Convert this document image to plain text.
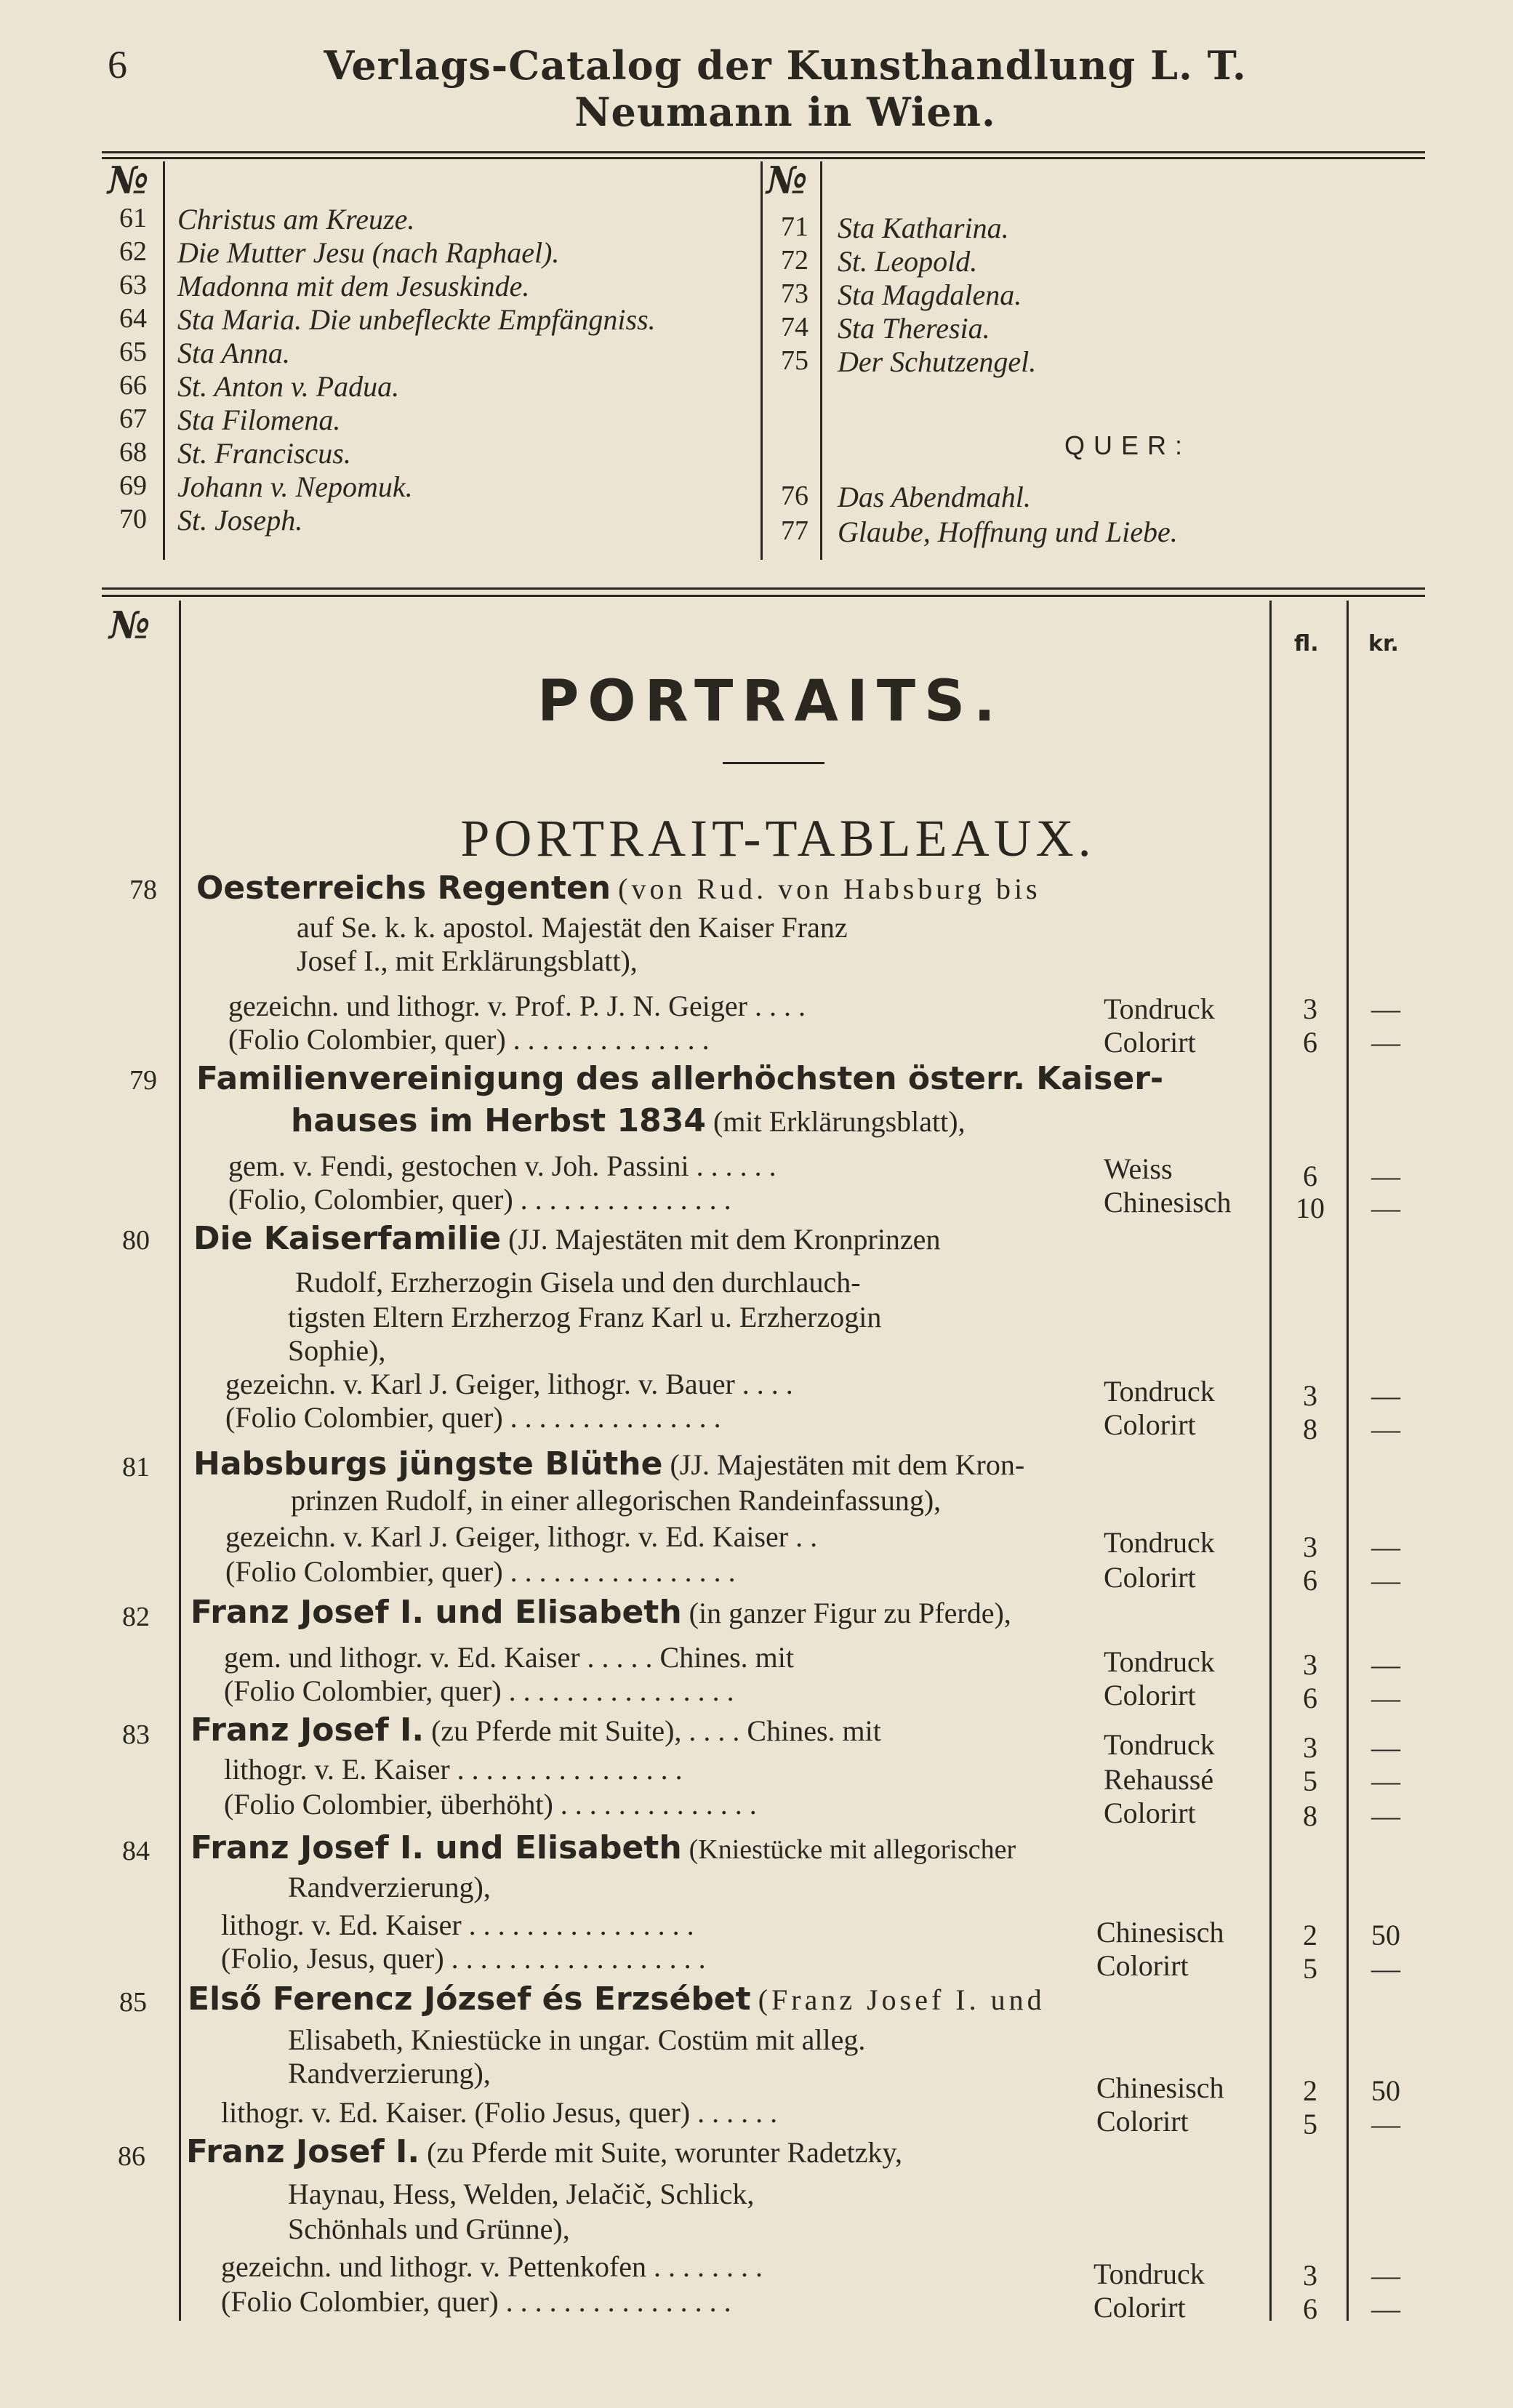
6	Verlags-Catalog der Kunsthandlung L. T. Neumann in Wien.
№	№
61 Christus am Kreuze.
62 Die Mutter Jesu (nach Raphael).
63 Madonna mit dem Jesuskinde.
64 Sta Maria. Die unbefleckte Empfängniss.
65 Sta Anna.
66 St. Anton v. Padua.
67 Sta Filomena.
68 St. Franciscus.
69 Johann v. Nepomuk.
70 St. Joseph.
71 Sta Katharina.
72 St. Leopold.
73 Sta Magdalena.
74 Sta Theresia.
75 Der Schutzengel.
QUER:
76 Das Abendmahl.
77 Glaube, Hoffnung und Liebe.
№	fl. kr.
PORTRAITS.
PORTRAIT-TABLEAUX.
78 Oesterreichs Regenten (von Rud. von Habsburg bis
auf Se. k. k. apostol. Majestät den Kaiser Franz
Josef I., mit Erklärungsblatt),
gezeichn. und lithogr. v. Prof. P. J. N. Geiger . . . .
(Folio Colombier, quer) . . . . . . . . . . . . . .
Tondruck	3	—
Colorirt	6	—
79 Familienvereinigung des allerhöchsten österr. Kaiser-
hauses im Herbst 1834 (mit Erklärungsblatt),
gem. v. Fendi, gestochen v. Joh. Passini . . . . . .
(Folio, Colombier, quer) . . . . . . . . . . . . . . .
Weiss	6	—
Chinesisch	10	—
80 Die Kaiserfamilie (JJ. Majestäten mit dem Kronprinzen
Rudolf, Erzherzogin Gisela und den durchlauch-
tigsten Eltern Erzherzog Franz Karl u. Erzherzogin
Sophie),
gezeichn. v. Karl J. Geiger, lithogr. v. Bauer . . . .
(Folio Colombier, quer) . . . . . . . . . . . . . . .
Tondruck	3	—
Colorirt	8	—
81 Habsburgs jüngste Blüthe (JJ. Majestäten mit dem Kron-
prinzen Rudolf, in einer allegorischen Randeinfassung),
gezeichn. v. Karl J. Geiger, lithogr. v. Ed. Kaiser . .
(Folio Colombier, quer) . . . . . . . . . . . . . . . .
Tondruck	3	—
Colorirt	6	—
82 Franz Josef I. und Elisabeth (in ganzer Figur zu Pferde),
gem. und lithogr. v. Ed. Kaiser . . . . . Chines. mit
(Folio Colombier, quer) . . . . . . . . . . . . . . . .
Tondruck	3	—
Colorirt	6	—
83 Franz Josef I. (zu Pferde mit Suite), . . . . Chines. mit
lithogr. v. E. Kaiser . . . . . . . . . . . . . . . .
(Folio Colombier, überhöht) . . . . . . . . . . . . . .
Tondruck	3	—
Rehaussé	5	—
Colorirt	8	—
84 Franz Josef I. und Elisabeth (Kniestücke mit allegorischer
Randverzierung),
lithogr. v. Ed. Kaiser . . . . . . . . . . . . . . . .
(Folio, Jesus, quer) . . . . . . . . . . . . . . . . . .
Chinesisch	2	50
Colorirt	5	—
85 Első Ferencz József és Erzsébet (Franz Josef I. und
Elisabeth, Kniestücke in ungar. Costüm mit alleg.
Randverzierung),
lithogr. v. Ed. Kaiser. (Folio Jesus, quer) . . . . . .
Chinesisch	2	50
Colorirt	5	—
86 Franz Josef I. (zu Pferde mit Suite, worunter Radetzky,
Haynau, Hess, Welden, Jelačič, Schlick,
Schönhals und Grünne),
gezeichn. und lithogr. v. Pettenkofen . . . . . . . .
(Folio Colombier, quer) . . . . . . . . . . . . . . . .
Tondruck	3	—
Colorirt	6	—
